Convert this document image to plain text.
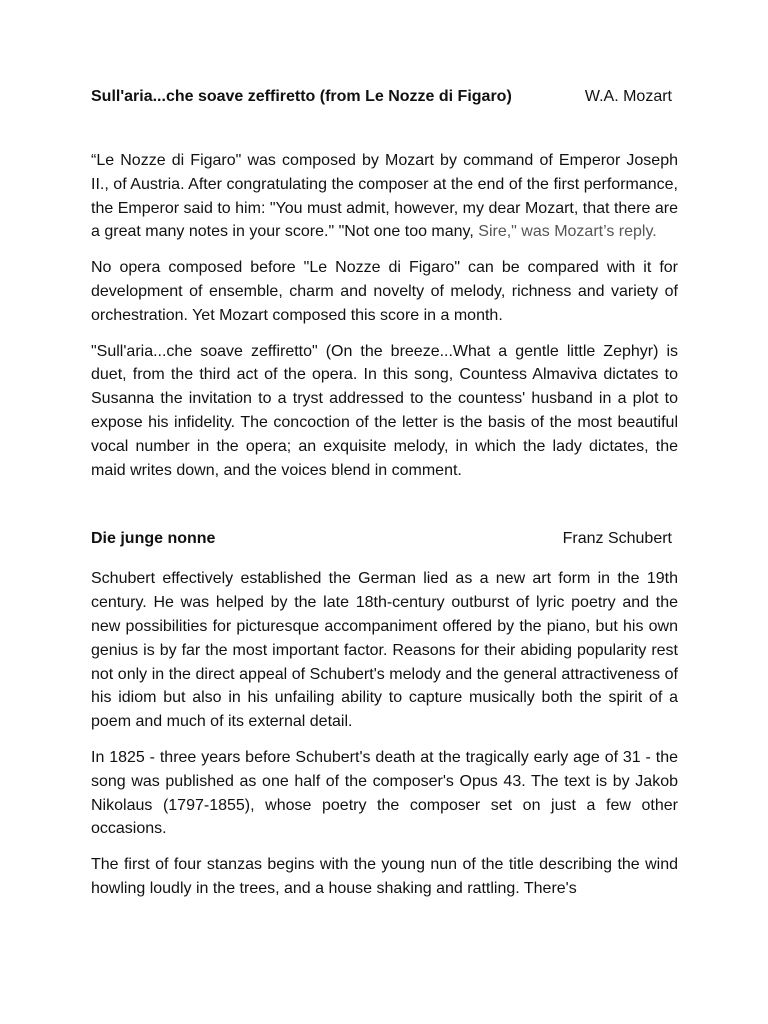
Sull'aria...che soave zeffiretto (from Le Nozze di Figaro)	W.A. Mozart

“Le Nozze di Figaro" was composed by Mozart by command of Emperor Joseph II., of Austria. After congratulating the composer at the end of the first performance, the Emperor said to him: "You must admit, however, my dear Mozart, that there are a great many notes in your score." "Not one too many, Sire," was Mozart’s reply.

No opera composed before "Le Nozze di Figaro" can be compared with it for development of ensemble, charm and novelty of melody, richness and variety of orchestration. Yet Mozart composed this score in a month.

"Sull'aria...che soave zeffiretto" (On the breeze...What a gentle little Zephyr) is duet, from the third act of the opera. In this song, Countess Almaviva dictates to Susanna the invitation to a tryst addressed to the countess' husband in a plot to expose his infidelity. The concoction of the letter is the basis of the most beautiful vocal number in the opera; an exquisite melody, in which the lady dictates, the maid writes down, and the voices blend in comment.

Die junge nonne	Franz Schubert

Schubert effectively established the German lied as a new art form in the 19th century. He was helped by the late 18th-century outburst of lyric poetry and the new possibilities for picturesque accompaniment offered by the piano, but his own genius is by far the most important factor. Reasons for their abiding popularity rest not only in the direct appeal of Schubert's melody and the general attractiveness of his idiom but also in his unfailing ability to capture musically both the spirit of a poem and much of its external detail.

In 1825 - three years before Schubert's death at the tragically early age of 31 - the song was published as one half of the composer's Opus 43. The text is by Jakob Nikolaus (1797-1855), whose poetry the composer set on just a few other occasions.

The first of four stanzas begins with the young nun of the title describing the wind howling loudly in the trees, and a house shaking and rattling. There's
